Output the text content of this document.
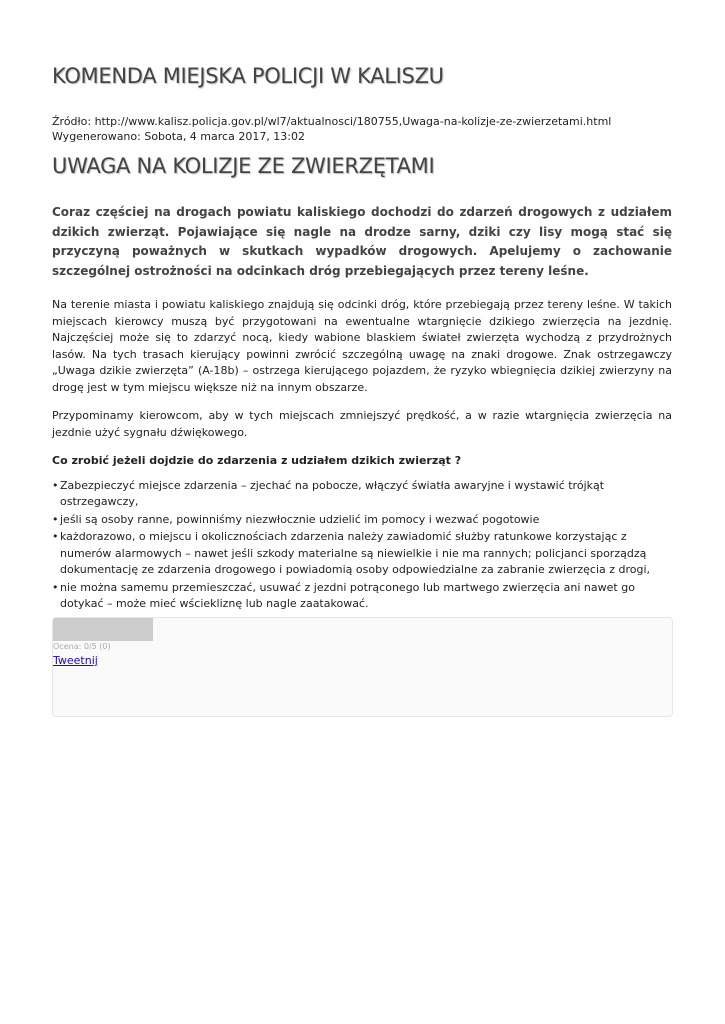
KOMENDA MIEJSKA POLICJI W KALISZU
Źródło: http://www.kalisz.policja.gov.pl/wl7/aktualnosci/180755,Uwaga-na-kolizje-ze-zwierzetami.html
Wygenerowano: Sobota, 4 marca 2017, 13:02
UWAGA NA KOLIZJE ZE ZWIERZĘTAMI

Coraz częściej na drogach powiatu kaliskiego dochodzi do zdarzeń drogowych z udziałem dzikich zwierząt. Pojawiające się nagle na drodze sarny, dziki czy lisy mogą stać się przyczyną poważnych w skutkach wypadków drogowych. Apelujemy o zachowanie szczególnej ostrożności na odcinkach dróg przebiegających przez tereny leśne.

Na terenie miasta i powiatu kaliskiego znajdują się odcinki dróg, które przebiegają przez tereny leśne. W takich miejscach kierowcy muszą być przygotowani na ewentualne wtargnięcie dzikiego zwierzęcia na jezdnię. Najczęściej może się to zdarzyć nocą, kiedy wabione blaskiem świateł zwierzęta wychodzą z przydrożnych lasów. Na tych trasach kierujący powinni zwrócić szczególną uwagę na znaki drogowe. Znak ostrzegawczy „Uwaga dzikie zwierzęta” (A-18b) – ostrzega kierującego pojazdem, że ryzyko wbiegnięcia dzikiej zwierzyny na drogę jest w tym miejscu większe niż na innym obszarze.

Przypominamy kierowcom, aby w tych miejscach zmniejszyć prędkość, a w razie wtargnięcia zwierzęcia na jezdnie użyć sygnału dźwiękowego.

Co zrobić jeżeli dojdzie do zdarzenia z udziałem dzikich zwierząt ?

• Zabezpieczyć miejsce zdarzenia – zjechać na pobocze, włączyć światła awaryjne i wystawić trójkąt ostrzegawczy,
• jeśli są osoby ranne, powinniśmy niezwłocznie udzielić im pomocy i wezwać pogotowie
• każdorazowo, o miejscu i okolicznościach zdarzenia należy zawiadomić służby ratunkowe korzystając z numerów alarmowych – nawet jeśli szkody materialne są niewielkie i nie ma rannych; policjanci sporządzą dokumentację ze zdarzenia drogowego i powiadomią osoby odpowiedzialne za zabranie zwierzęcia z drogi,
• nie można samemu przemieszczać, usuwać z jezdni potrąconego lub martwego zwierzęcia ani nawet go dotykać – może mieć wściekliznę lub nagle zaatakować.
Ocena: 0/5 (0)
Tweetnij
